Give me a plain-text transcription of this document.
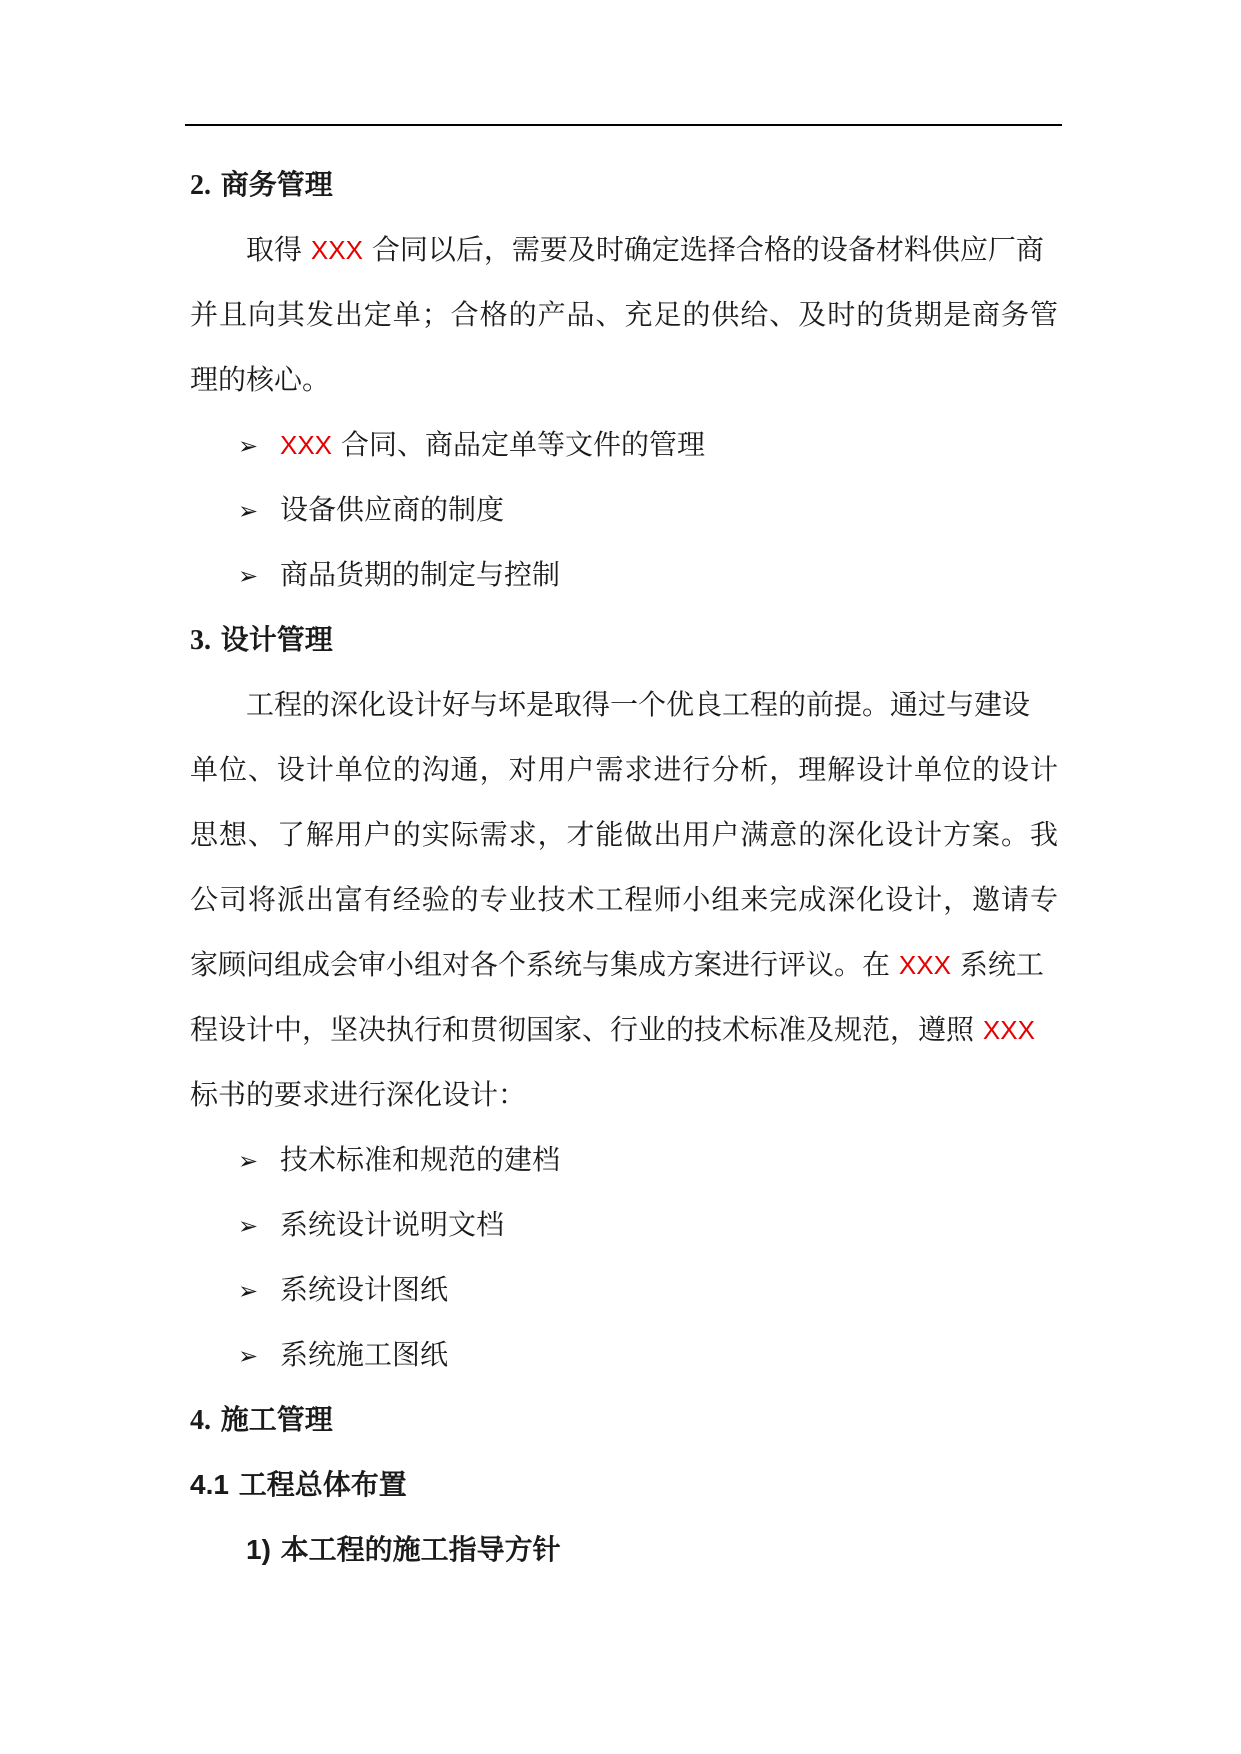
2. 商务管理
取得 XXX 合同以后，需要及时确定选择合格的设备材料供应厂商
并且向其发出定单；合格的产品、充足的供给、及时的货期是商务管
理的核心。
➢ XXX 合同、商品定单等文件的管理
➢ 设备供应商的制度
➢ 商品货期的制定与控制
3. 设计管理
工程的深化设计好与坏是取得一个优良工程的前提。通过与建设
单位、设计单位的沟通，对用户需求进行分析，理解设计单位的设计
思想、了解用户的实际需求，才能做出用户满意的深化设计方案。我
公司将派出富有经验的专业技术工程师小组来完成深化设计，邀请专
家顾问组成会审小组对各个系统与集成方案进行评议。在 XXX 系统工
程设计中，坚决执行和贯彻国家、行业的技术标准及规范，遵照 XXX
标书的要求进行深化设计：
➢ 技术标准和规范的建档
➢ 系统设计说明文档
➢ 系统设计图纸
➢ 系统施工图纸
4. 施工管理
4.1 工程总体布置
1) 本工程的施工指导方针
